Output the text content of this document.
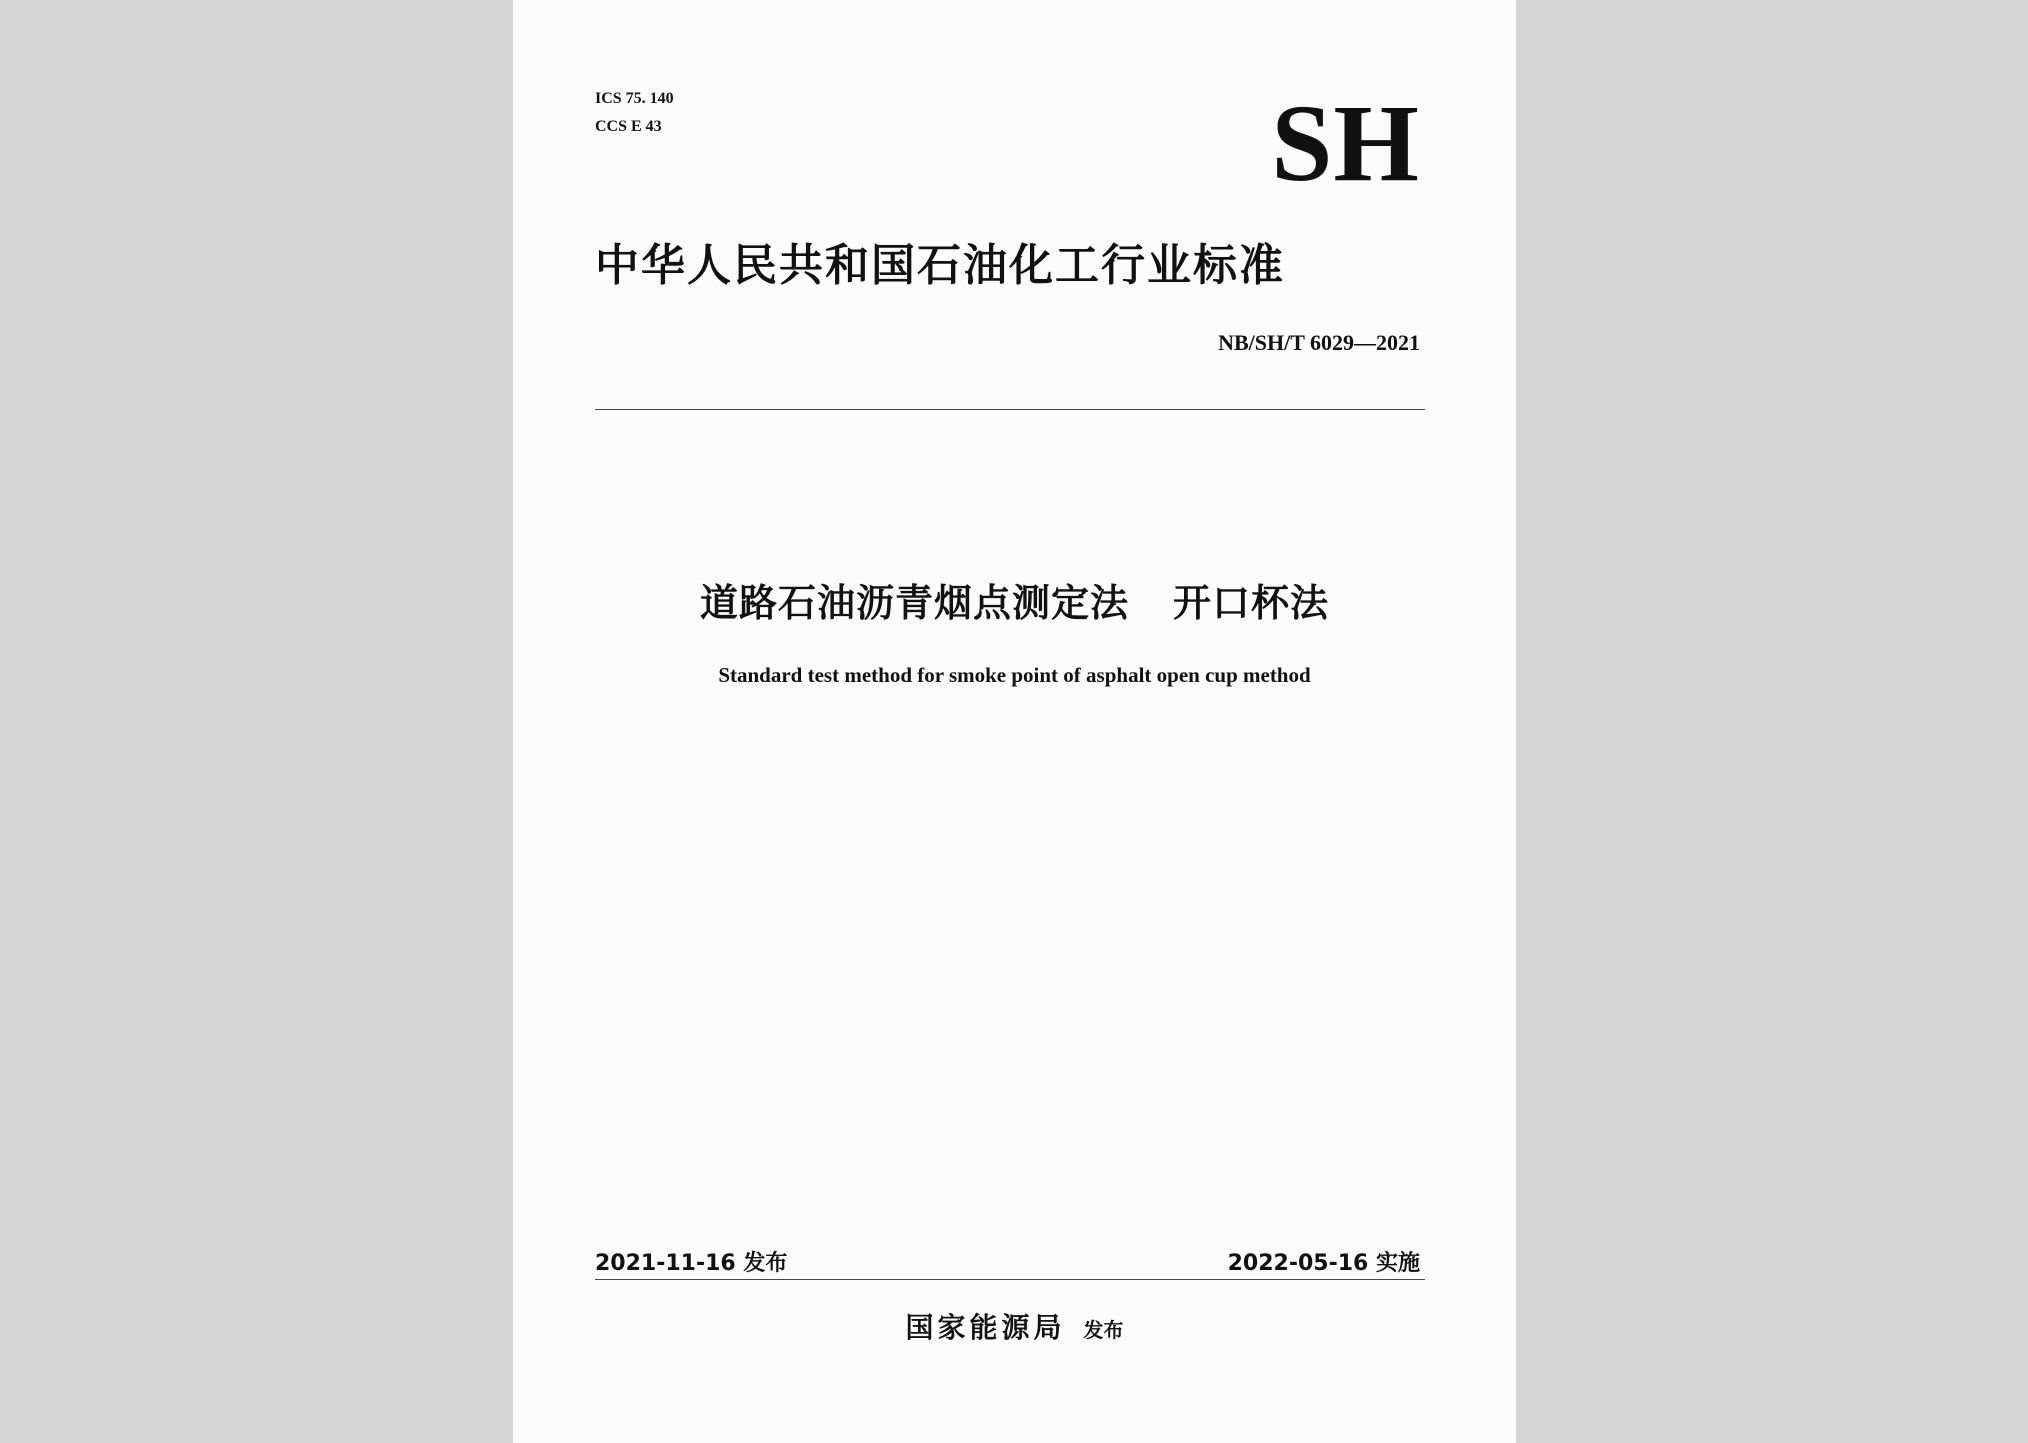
ICS 75. 140

CCS E 43	SH
中华人民共和国石油化工行业标准

NB/SH/T 6029—2021

道路石油沥青烟点测定法 开口杯法

Standard test method for smoke point of asphalt open cup method

2021-11-16 发布	2022-05-16 实施

国家能源局 发布
